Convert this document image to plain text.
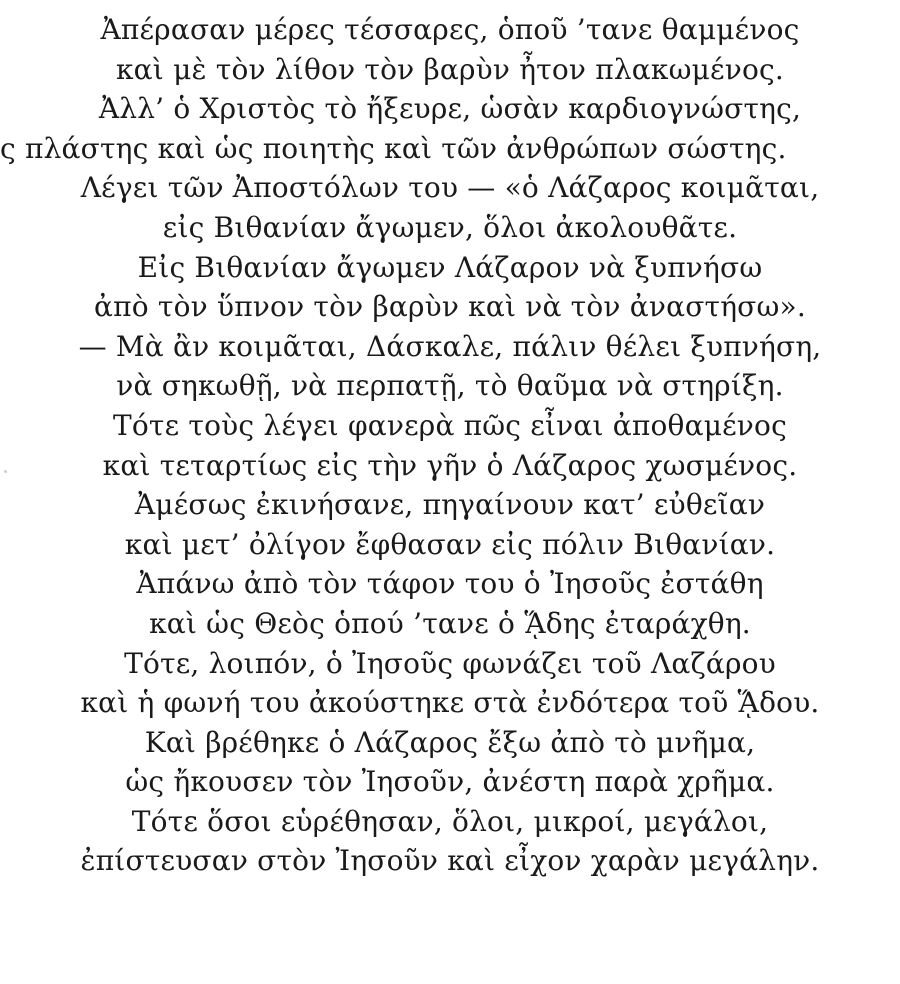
Ἀπέρασαν μέρες τέσσαρες, ὁποῦ ’τανε θαμμένος
καὶ μὲ τὸν λίθον τὸν βαρὺν ἦτον πλακωμένος.
Ἀλλ’ ὁ Χριστὸς τὸ ἤξευρε, ὡσὰν καρδιογνώστης,
ς πλάστης καὶ ὡς ποιητὴς καὶ τῶν ἀνθρώπων σώστης.
Λέγει τῶν Ἀποστόλων του — «ὁ Λάζαρος κοιμᾶται,
εἰς Βιθανίαν ἄγωμεν, ὅλοι ἀκολουθᾶτε.
Εἰς Βιθανίαν ἄγωμεν Λάζαρον νὰ ξυπνήσω
ἀπὸ τὸν ὕπνον τὸν βαρὺν καὶ νὰ τὸν ἀναστήσω».
— Μὰ ἂν κοιμᾶται, Δάσκαλε, πάλιν θέλει ξυπνήση,
νὰ σηκωθῇ, νὰ περπατῇ, τὸ θαῦμα νὰ στηρίξη.
Τότε τοὺς λέγει φανερὰ πῶς εἶναι ἀποθαμένος
καὶ τεταρτίως εἰς τὴν γῆν ὁ Λάζαρος χωσμένος.
Ἀμέσως ἐκινήσανε, πηγαίνουν κατ’ εὐθεῖαν
καὶ μετ’ ὀλίγον ἔφθασαν εἰς πόλιν Βιθανίαν.
Ἀπάνω ἀπὸ τὸν τάφον του ὁ Ἰησοῦς ἐστάθη
καὶ ὡς Θεὸς ὁπού ’τανε ὁ ᾍδης ἐταράχθη.
Τότε, λοιπόν, ὁ Ἰησοῦς φωνάζει τοῦ Λαζάρου
καὶ ἡ φωνή του ἀκούστηκε στὰ ἐνδότερα τοῦ ᾍδου.
Καὶ βρέθηκε ὁ Λάζαρος ἔξω ἀπὸ τὸ μνῆμα,
ὡς ἤκουσεν τὸν Ἰησοῦν, ἀνέστη παρὰ χρῆμα.
Τότε ὅσοι εὑρέθησαν, ὅλοι, μικροί, μεγάλοι,
ἐπίστευσαν στὸν Ἰησοῦν καὶ εἶχον χαρὰν μεγάλην.
